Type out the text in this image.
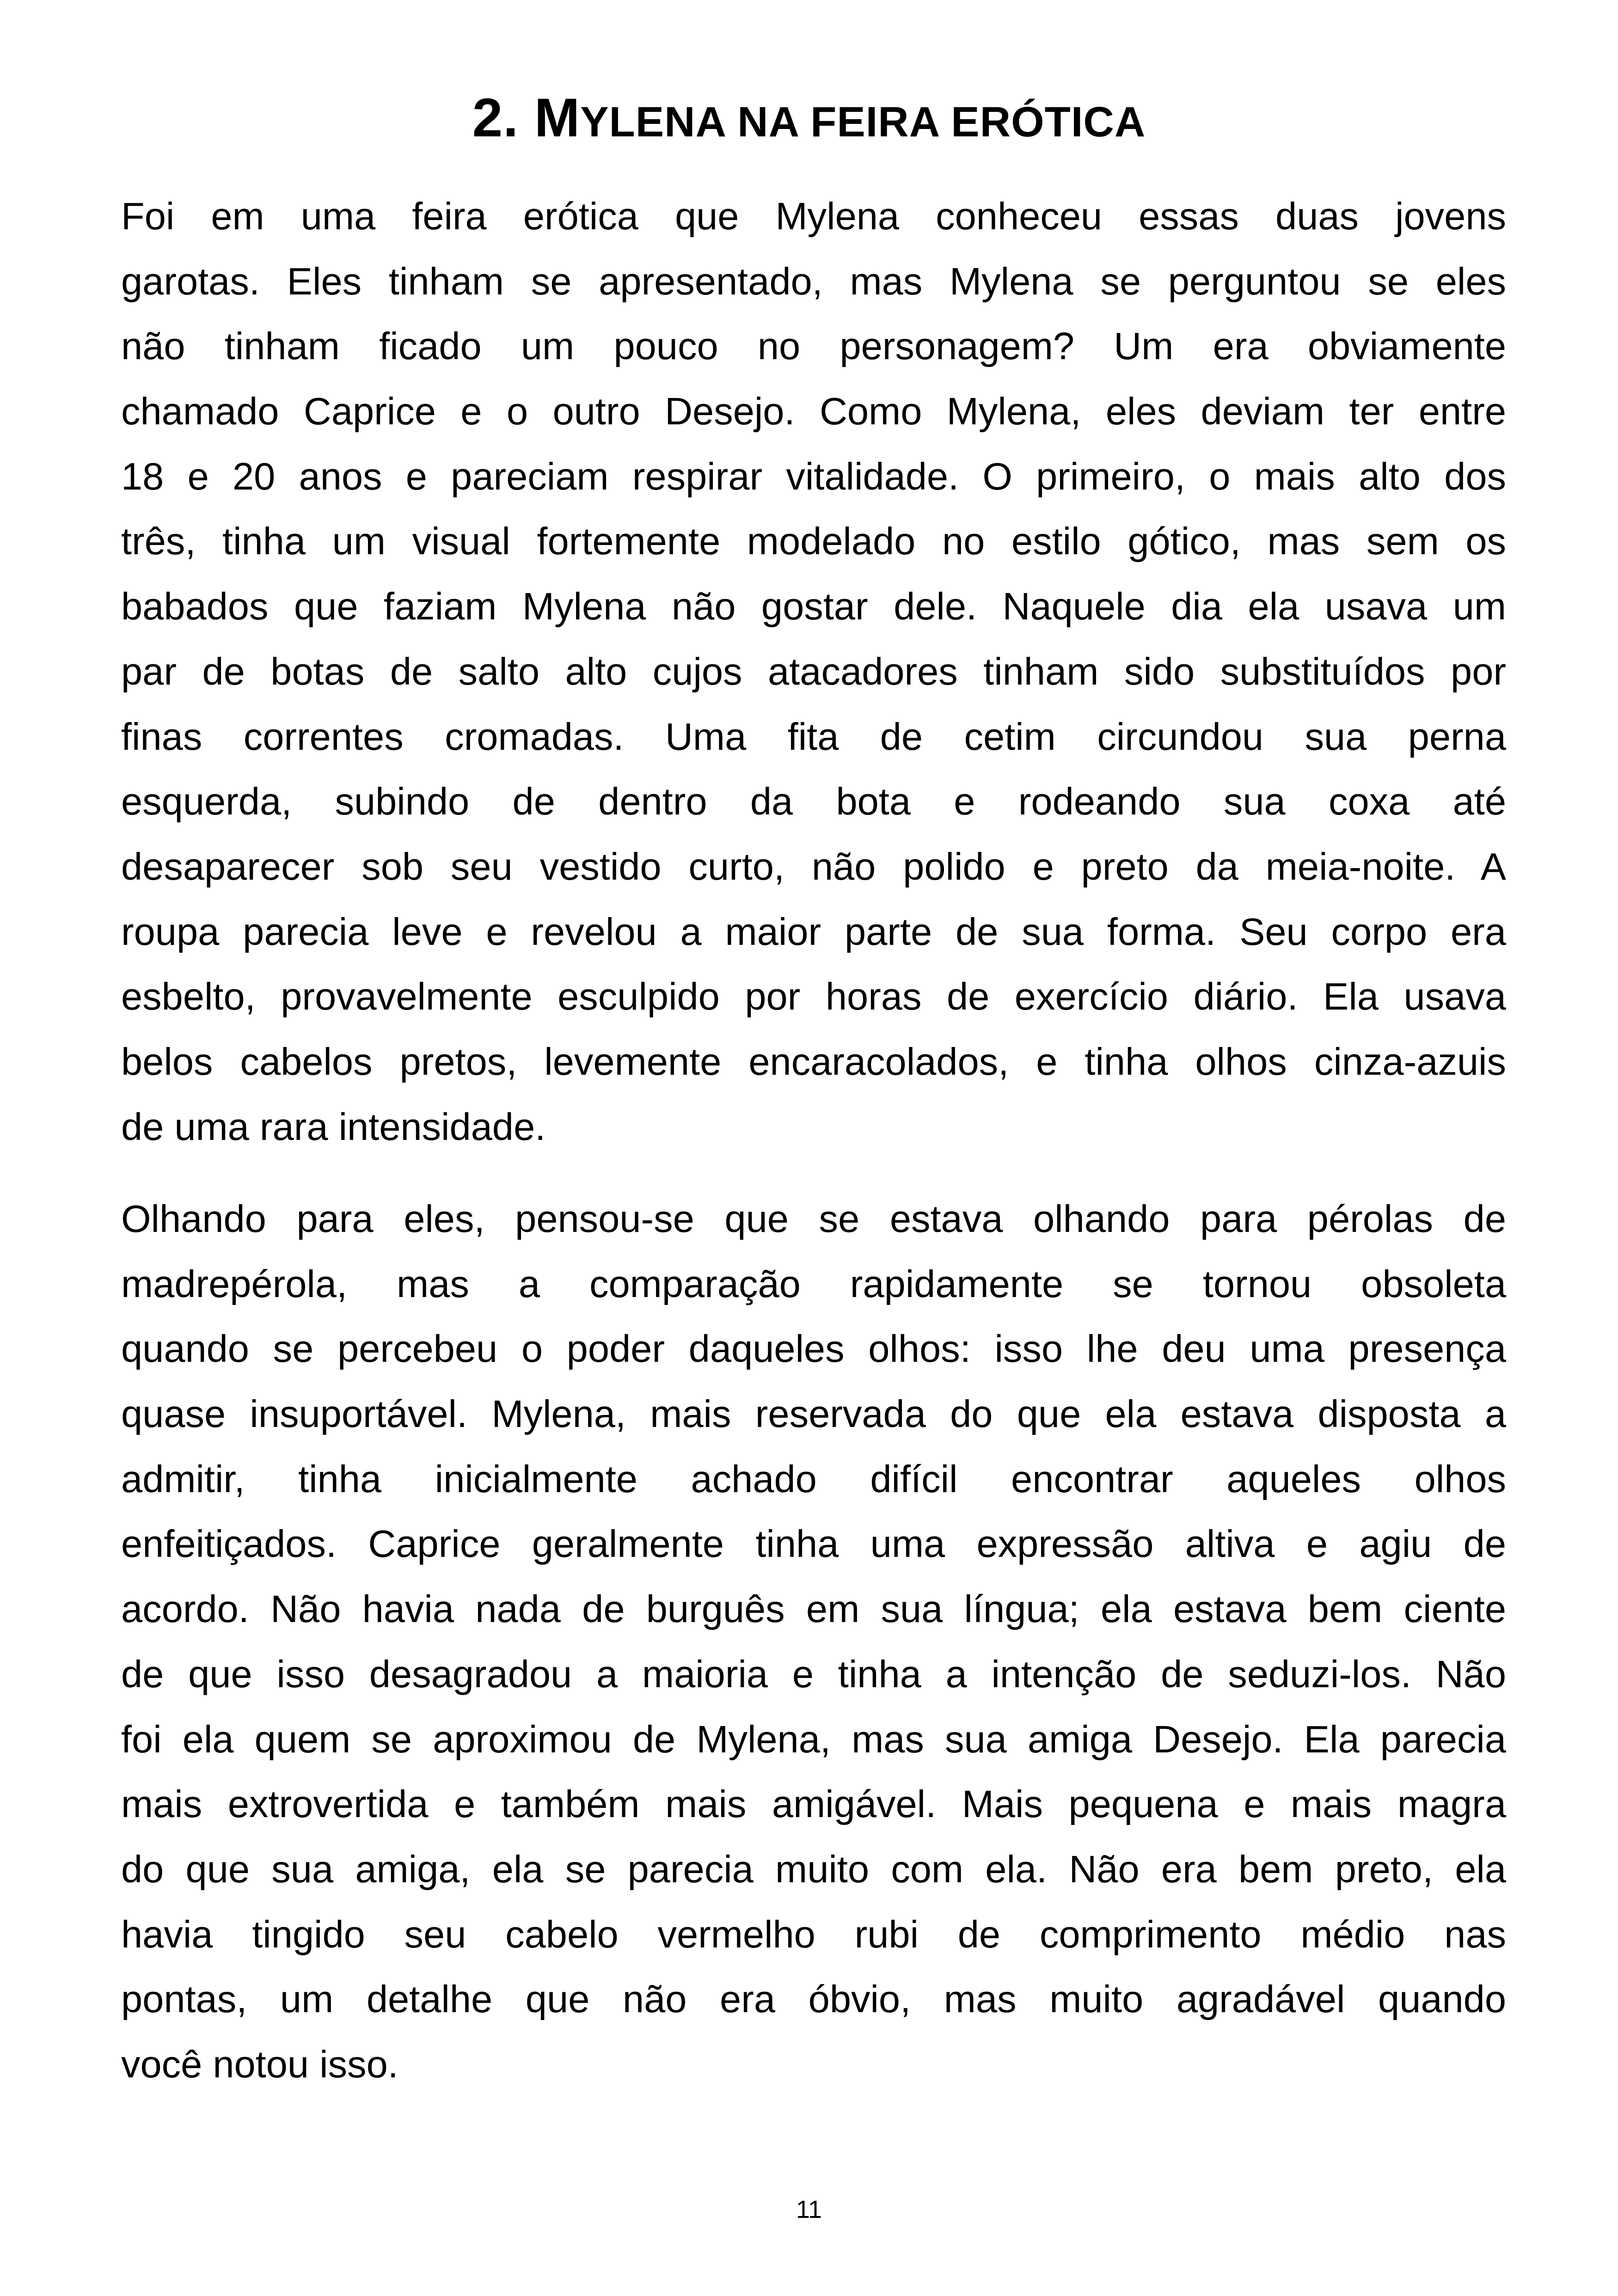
2. MYLENA NA FEIRA ERÓTICA
Foi em uma feira erótica que Mylena conheceu essas duas jovens
garotas. Eles tinham se apresentado, mas Mylena se perguntou se eles
não tinham ficado um pouco no personagem? Um era obviamente
chamado Caprice e o outro Desejo. Como Mylena, eles deviam ter entre
18 e 20 anos e pareciam respirar vitalidade. O primeiro, o mais alto dos
três, tinha um visual fortemente modelado no estilo gótico, mas sem os
babados que faziam Mylena não gostar dele. Naquele dia ela usava um
par de botas de salto alto cujos atacadores tinham sido substituídos por
finas correntes cromadas. Uma fita de cetim circundou sua perna
esquerda, subindo de dentro da bota e rodeando sua coxa até
desaparecer sob seu vestido curto, não polido e preto da meia-noite. A
roupa parecia leve e revelou a maior parte de sua forma. Seu corpo era
esbelto, provavelmente esculpido por horas de exercício diário. Ela usava
belos cabelos pretos, levemente encaracolados, e tinha olhos cinza-azuis
de uma rara intensidade.
Olhando para eles, pensou-se que se estava olhando para pérolas de
madrepérola, mas a comparação rapidamente se tornou obsoleta
quando se percebeu o poder daqueles olhos: isso lhe deu uma presença
quase insuportável. Mylena, mais reservada do que ela estava disposta a
admitir, tinha inicialmente achado difícil encontrar aqueles olhos
enfeitiçados. Caprice geralmente tinha uma expressão altiva e agiu de
acordo. Não havia nada de burguês em sua língua; ela estava bem ciente
de que isso desagradou a maioria e tinha a intenção de seduzi-los. Não
foi ela quem se aproximou de Mylena, mas sua amiga Desejo. Ela parecia
mais extrovertida e também mais amigável. Mais pequena e mais magra
do que sua amiga, ela se parecia muito com ela. Não era bem preto, ela
havia tingido seu cabelo vermelho rubi de comprimento médio nas
pontas, um detalhe que não era óbvio, mas muito agradável quando
você notou isso.
11
